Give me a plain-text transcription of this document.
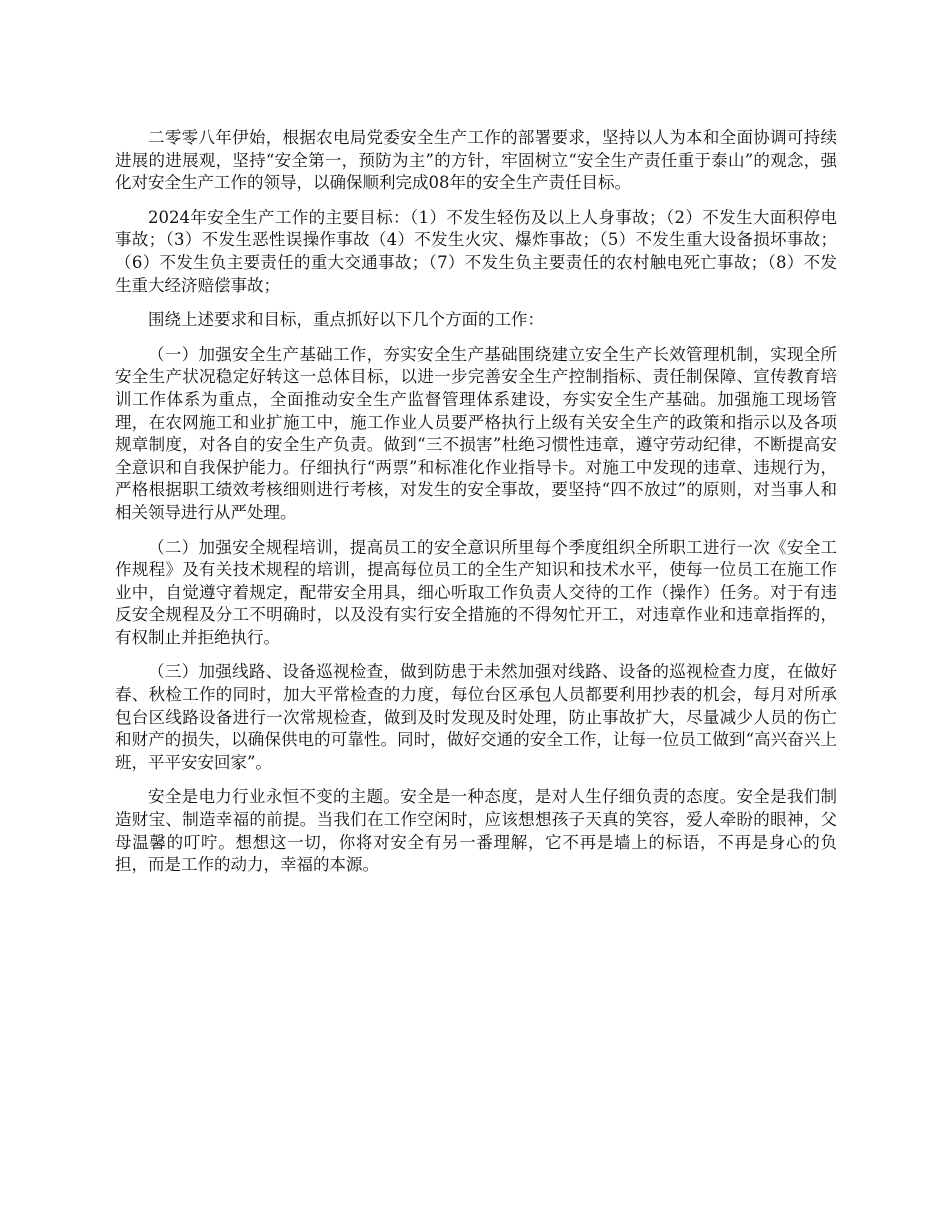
二零零八年伊始，根据农电局党委安全生产工作的部署要求，坚持以人为本和全面协调可持续进展的进展观，坚持“安全第一，预防为主”的方针，牢固树立“安全生产责任重于泰山”的观念，强化对安全生产工作的领导，以确保顺利完成08年的安全生产责任目标。

2024年安全生产工作的主要目标：（1）不发生轻伤及以上人身事故；（2）不发生大面积停电事故；（3）不发生恶性误操作事故（4）不发生火灾、爆炸事故；（5）不发生重大设备损坏事故；（6）不发生负主要责任的重大交通事故；（7）不发生负主要责任的农村触电死亡事故；（8）不发生重大经济赔偿事故；

围绕上述要求和目标，重点抓好以下几个方面的工作：

（一）加强安全生产基础工作，夯实安全生产基础围绕建立安全生产长效管理机制，实现全所安全生产状况稳定好转这一总体目标，以进一步完善安全生产控制指标、责任制保障、宣传教育培训工作体系为重点，全面推动安全生产监督管理体系建设，夯实安全生产基础。加强施工现场管理，在农网施工和业扩施工中，施工作业人员要严格执行上级有关安全生产的政策和指示以及各项规章制度，对各自的安全生产负责。做到“三不损害”杜绝习惯性违章，遵守劳动纪律，不断提高安全意识和自我保护能力。仔细执行“两票”和标准化作业指导卡。对施工中发现的违章、违规行为，严格根据职工绩效考核细则进行考核，对发生的安全事故，要坚持“四不放过”的原则，对当事人和相关领导进行从严处理。

（二）加强安全规程培训，提高员工的安全意识所里每个季度组织全所职工进行一次《安全工作规程》及有关技术规程的培训，提高每位员工的全生产知识和技术水平，使每一位员工在施工作业中，自觉遵守着规定，配带安全用具，细心听取工作负责人交待的工作（操作）任务。对于有违反安全规程及分工不明确时，以及没有实行安全措施的不得匆忙开工，对违章作业和违章指挥的，有权制止并拒绝执行。

（三）加强线路、设备巡视检查，做到防患于未然加强对线路、设备的巡视检查力度，在做好春、秋检工作的同时，加大平常检查的力度，每位台区承包人员都要利用抄表的机会，每月对所承包台区线路设备进行一次常规检查，做到及时发现及时处理，防止事故扩大，尽量减少人员的伤亡和财产的损失，以确保供电的可靠性。同时，做好交通的安全工作，让每一位员工做到“高兴奋兴上班，平平安安回家”。

安全是电力行业永恒不变的主题。安全是一种态度，是对人生仔细负责的态度。安全是我们制造财宝、制造幸福的前提。当我们在工作空闲时，应该想想孩子天真的笑容，爱人牵盼的眼神，父母温馨的叮咛。想想这一切，你将对安全有另一番理解，它不再是墙上的标语，不再是身心的负担，而是工作的动力，幸福的本源。
